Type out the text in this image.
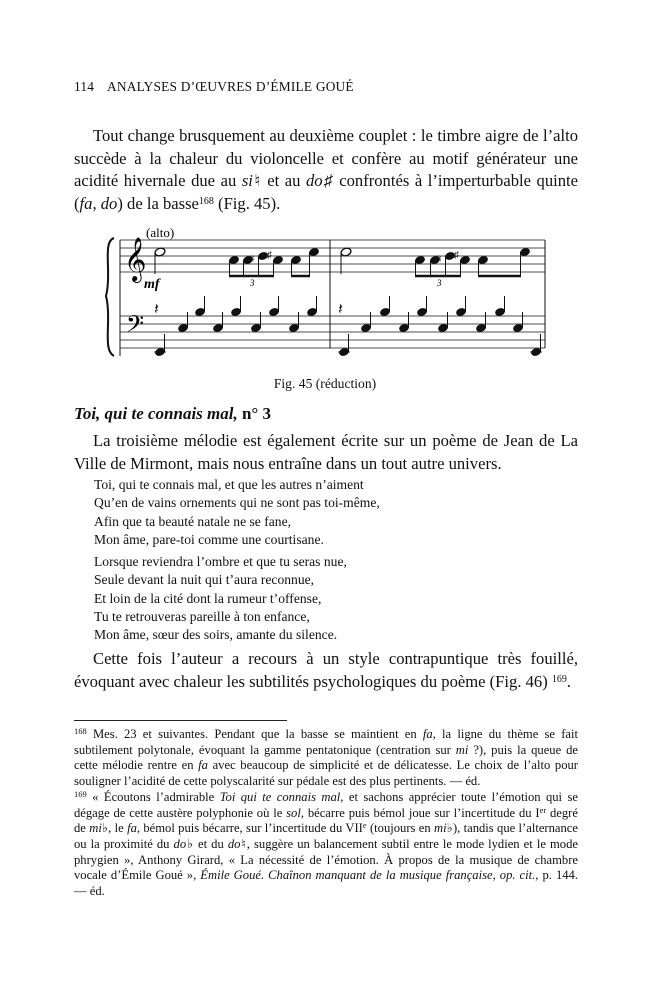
114 ANALYSES D’ŒUVRES D’ÉMILE GOUÉ
Tout change brusquement au deuxième couplet : le timbre aigre de l’alto succède à la chaleur du violoncelle et confère au motif générateur une acidité hivernale due au si♮ et au do♯ confrontés à l’imperturbable quinte (fa, do) de la basse$^{168}$ (Fig. 45).
𝄞
𝄢
(alto)
mf	3	3
♮ ♯	♮ ♯
𝄽	𝄽
Fig. 45 (réduction)
Toi, qui te connais mal, n° 3
La troisième mélodie est également écrite sur un poème de Jean de La Ville de Mirmont, mais nous entraîne dans un tout autre univers.
Toi, qui te connais mal, et que les autres n’aiment
Qu’en de vains ornements qui ne sont pas toi-même,
Afin que ta beauté natale ne se fane,
Mon âme, pare-toi comme une courtisane.
Lorsque reviendra l’ombre et que tu seras nue,
Seule devant la nuit qui t’aura reconnue,
Et loin de la cité dont la rumeur t’offense,
Tu te retrouveras pareille à ton enfance,
Mon âme, sœur des soirs, amante du silence.
Cette fois l’auteur a recours à un style contrapuntique très fouillé, évoquant avec chaleur les subtilités psychologiques du poème (Fig. 46) $^{169}$.
$^{168}$ Mes. 23 et suivantes. Pendant que la basse se maintient en fa, la ligne du thème se fait subtilement polytonale, évoquant la gamme pentatonique (centration sur mi ?), puis la queue de cette mélodie rentre en fa avec beaucoup de simplicité et de délicatesse. Le choix de l’alto pour souligner l’acidité de cette polyscalarité sur pédale est des plus pertinents. — éd.
$^{169}$ « Écoutons l’admirable Toi qui te connais mal, et sachons apprécier toute l’émotion qui se dégage de cette austère polyphonie où le sol, bécarre puis bémol joue sur l’incertitude du Ier degré de mi♭, le fa, bémol puis bécarre, sur l’incertitude du VIIe (toujours en mi♭), tandis que l’alternance ou la proximité du do♭ et du do♮, suggère un balancement subtil entre le mode lydien et le mode phrygien », Anthony Girard, « La nécessité de l’émotion. À propos de la musique de chambre vocale d’Émile Goué », Émile Goué. Chaînon manquant de la musique française, op. cit., p. 144. — éd.
